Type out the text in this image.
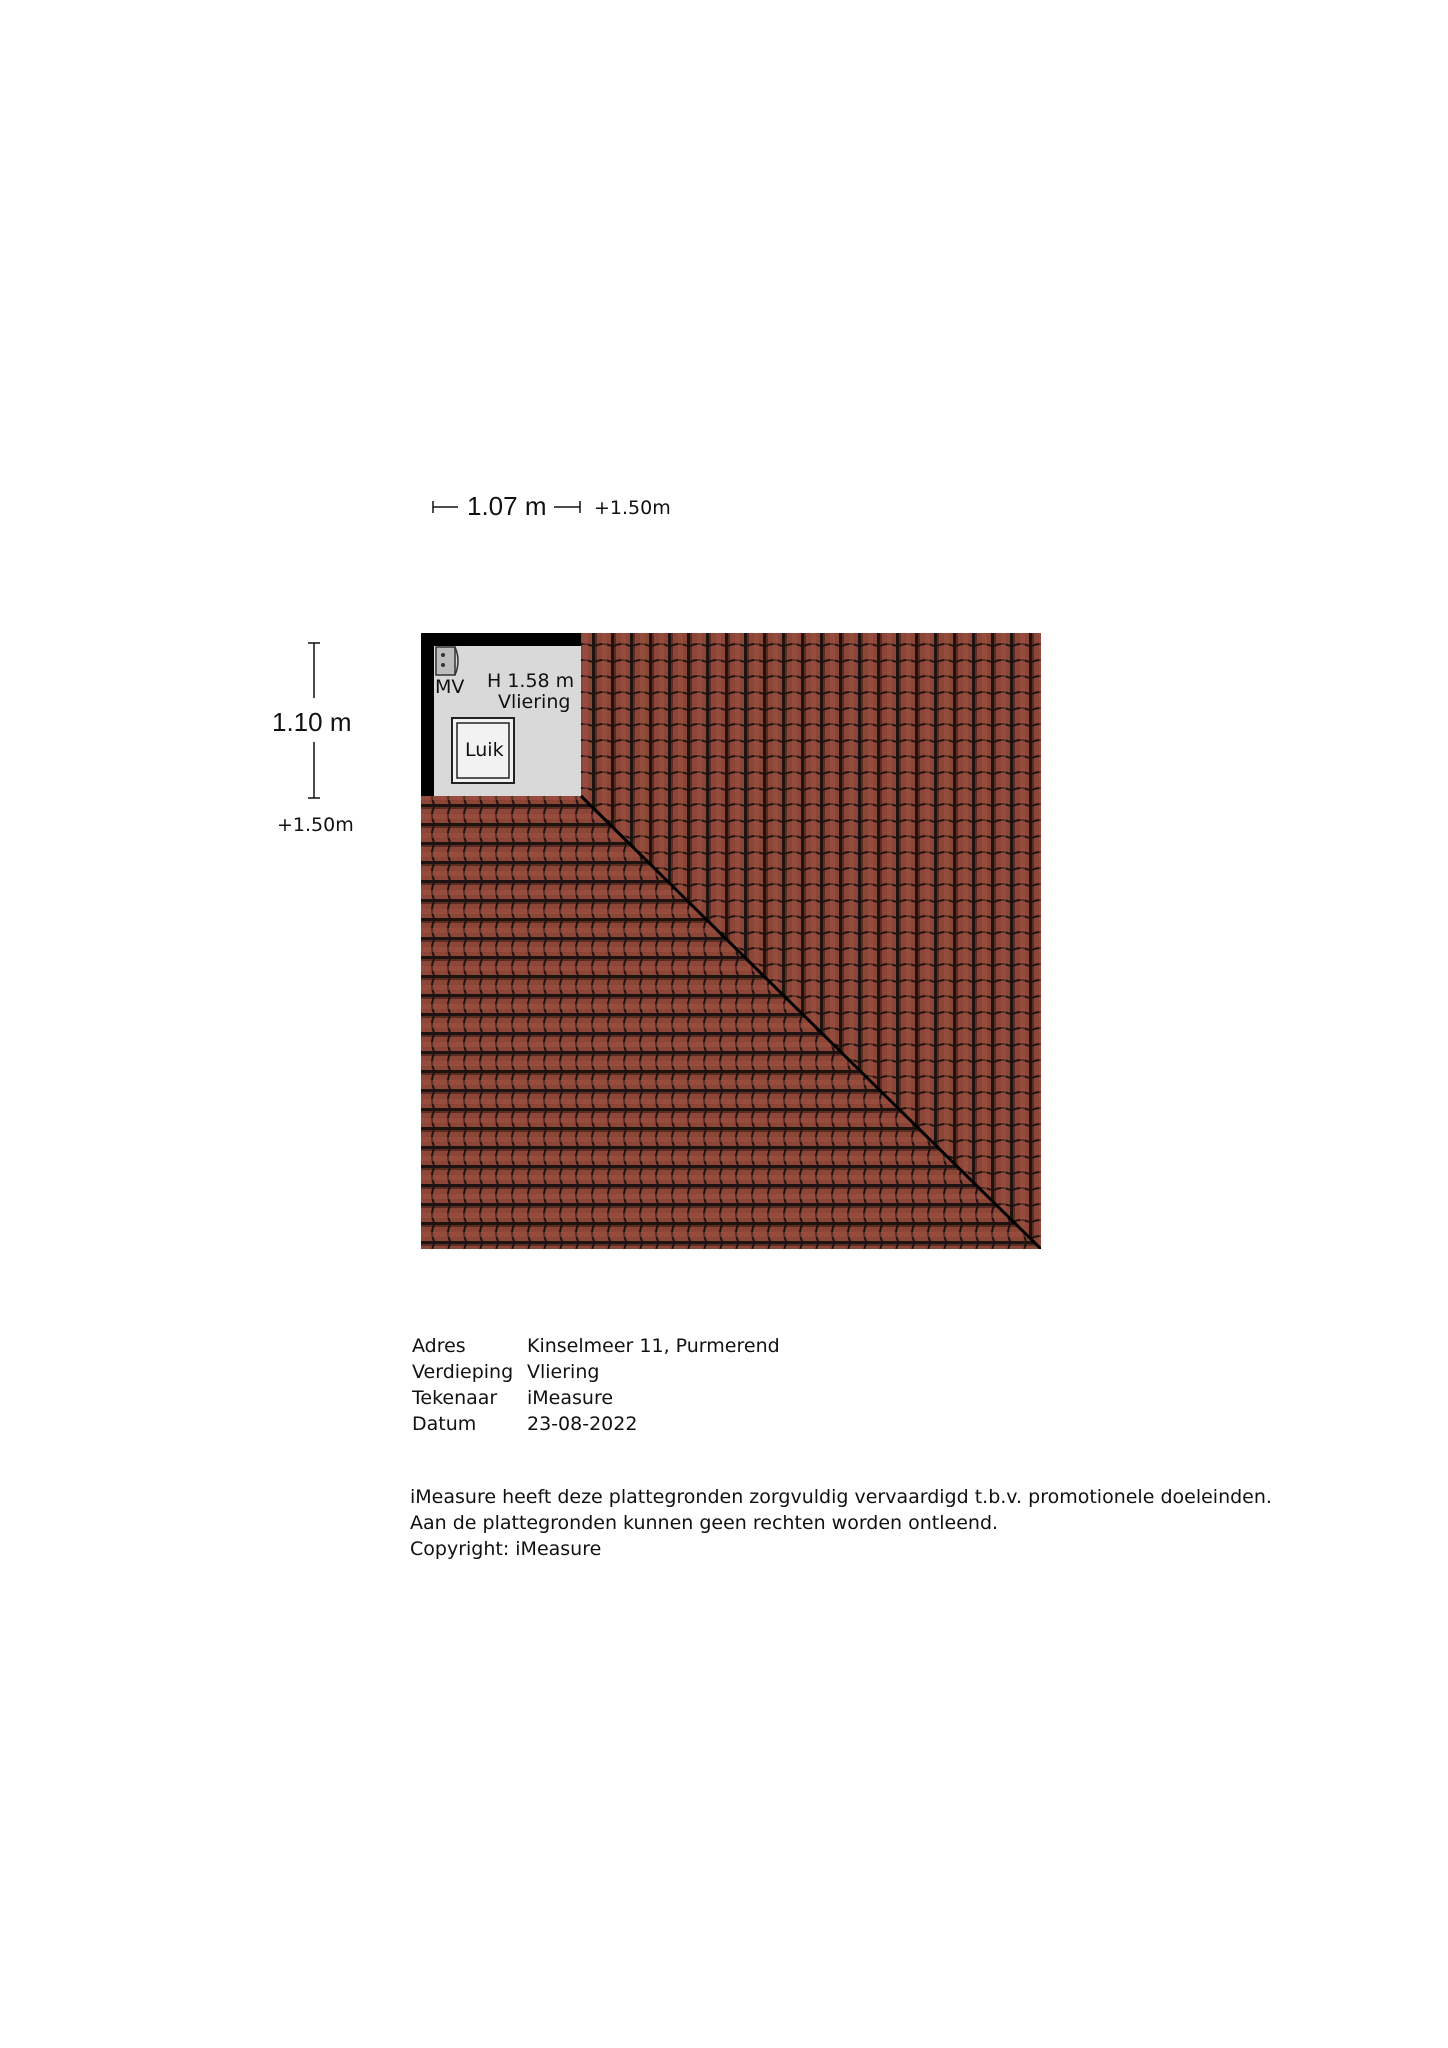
1.07 m	+1.50m
1.10 m
+1.50m
MV H 1.58 m
Vliering
Luik
Adres	Kinselmeer 11, Purmerend
Verdieping Vliering
Tekenaar iMeasure
Datum	23-08-2022
iMeasure heeft deze plattegronden zorgvuldig vervaardigd t.b.v. promotionele doeleinden.
Aan de plattegronden kunnen geen rechten worden ontleend.
Copyright: iMeasure
